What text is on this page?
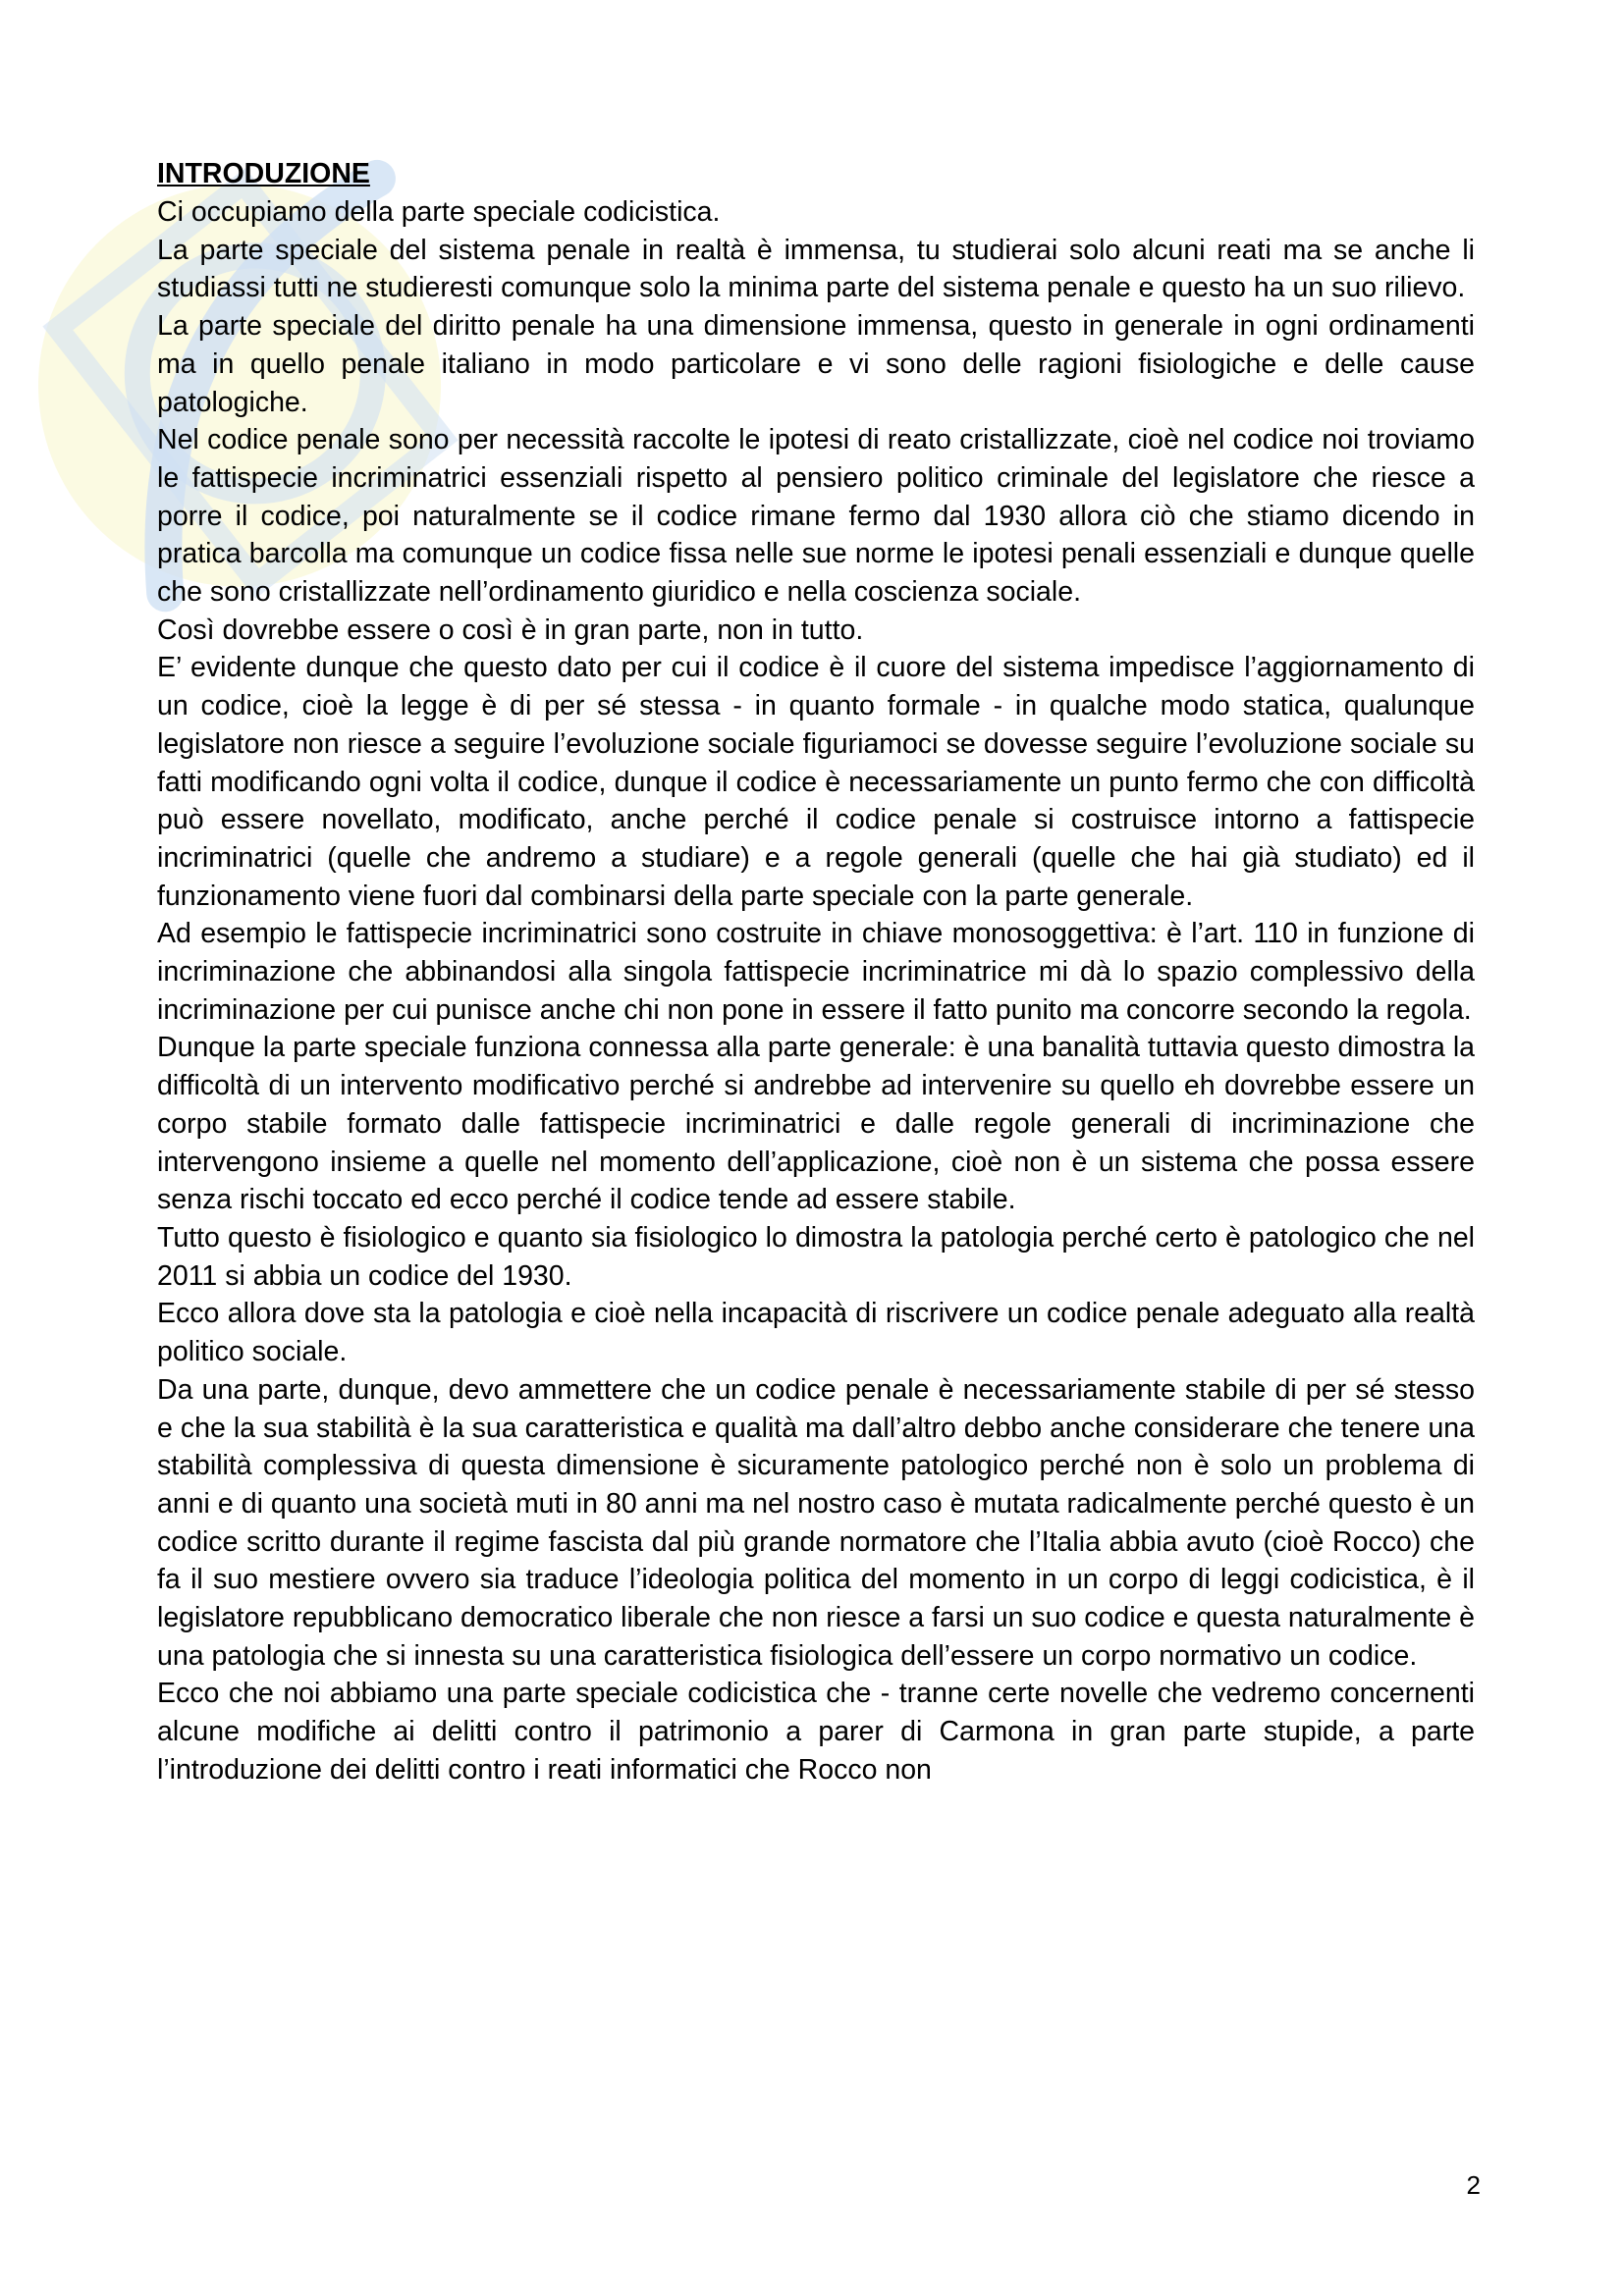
INTRODUZIONE

Ci occupiamo della parte speciale codicistica.

La parte speciale del sistema penale in realtà è immensa, tu studierai solo alcuni reati ma se anche li studiassi tutti ne studieresti comunque solo la minima parte del sistema penale e questo ha un suo rilievo.

La parte speciale del diritto penale ha una dimensione immensa, questo in generale in ogni ordinamenti ma in quello penale italiano in modo particolare e vi sono delle ragioni fisiologiche e delle cause patologiche.

Nel codice penale sono per necessità raccolte le ipotesi di reato cristallizzate, cioè nel codice noi troviamo le fattispecie incriminatrici essenziali rispetto al pensiero politico criminale del legislatore che riesce a porre il codice, poi naturalmente se il codice rimane fermo dal 1930 allora ciò che stiamo dicendo in pratica barcolla ma comunque un codice fissa nelle sue norme le ipotesi penali essenziali e dunque quelle che sono cristallizzate nell’ordinamento giuridico e nella coscienza sociale.

Così dovrebbe essere o così è in gran parte, non in tutto.

E’ evidente dunque che questo dato per cui il codice è il cuore del sistema impedisce l’aggiornamento di un codice, cioè la legge è di per sé stessa - in quanto formale - in qualche modo statica, qualunque legislatore non riesce a seguire l’evoluzione sociale figuriamoci se dovesse seguire l’evoluzione sociale su fatti modificando ogni volta il codice, dunque il codice è necessariamente un punto fermo che con difficoltà può essere novellato, modificato, anche perché il codice penale si costruisce intorno a fattispecie incriminatrici (quelle che andremo a studiare) e a regole generali (quelle che hai già studiato) ed il funzionamento viene fuori dal combinarsi della parte speciale con la parte generale.

Ad esempio le fattispecie incriminatrici sono costruite in chiave monosoggettiva: è l’art. 110 in funzione di incriminazione che abbinandosi alla singola fattispecie incriminatrice mi dà lo spazio complessivo della incriminazione per cui punisce anche chi non pone in essere il fatto punito ma concorre secondo la regola.

Dunque la parte speciale funziona connessa alla parte generale: è una banalità tuttavia questo dimostra la difficoltà di un intervento modificativo perché si andrebbe ad intervenire su quello eh dovrebbe essere un corpo stabile formato dalle fattispecie incriminatrici e dalle regole generali di incriminazione che intervengono insieme a quelle nel momento dell’applicazione, cioè non è un sistema che possa essere senza rischi toccato ed ecco perché il codice tende ad essere stabile.

Tutto questo è fisiologico e quanto sia fisiologico lo dimostra la patologia perché certo è patologico che nel 2011 si abbia un codice del 1930.

Ecco allora dove sta la patologia e cioè nella incapacità di riscrivere un codice penale adeguato alla realtà politico sociale.

Da una parte, dunque, devo ammettere che un codice penale è necessariamente stabile di per sé stesso e che la sua stabilità è la sua caratteristica e qualità ma dall’altro debbo anche considerare che tenere una stabilità complessiva di questa dimensione è sicuramente patologico perché non è solo un problema di anni e di quanto una società muti in 80 anni ma nel nostro caso è mutata radicalmente perché questo è un codice scritto durante il regime fascista dal più grande normatore che l’Italia abbia avuto (cioè Rocco) che fa il suo mestiere ovvero sia traduce l’ideologia politica del momento in un corpo di leggi codicistica, è il legislatore repubblicano democratico liberale che non riesce a farsi un suo codice e questa naturalmente è una patologia che si innesta su una caratteristica fisiologica dell’essere un corpo normativo un codice.

Ecco che noi abbiamo una parte speciale codicistica che - tranne certe novelle che vedremo concernenti alcune modifiche ai delitti contro il patrimonio a parer di Carmona in gran parte stupide, a parte l’introduzione dei delitti contro i reati informatici che Rocco non

2
